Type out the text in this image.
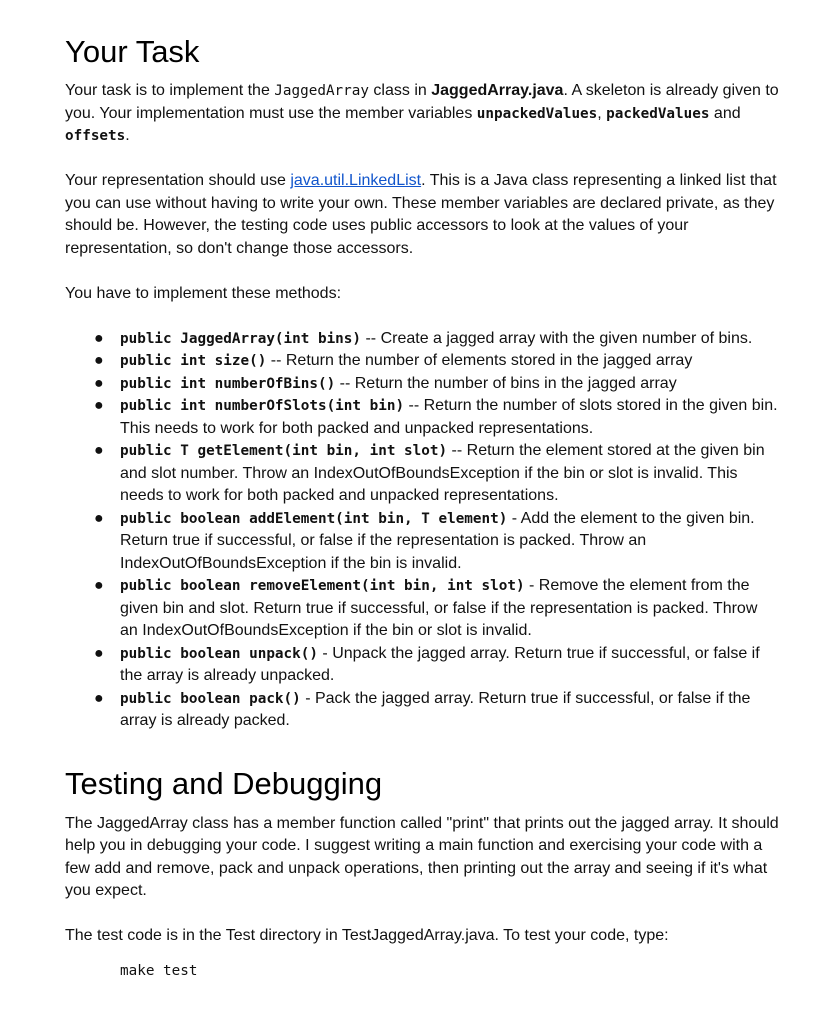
Your Task

Your task is to implement the JaggedArray class in JaggedArray.java. A skeleton is already given to you. Your implementation must use the member variables unpackedValues, packedValues and offsets.

Your representation should use java.util.LinkedList. This is a Java class representing a linked list that you can use without having to write your own. These member variables are declared private, as they should be. However, the testing code uses public accessors to look at the values of your representation, so don't change those accessors.

You have to implement these methods:

● public JaggedArray(int bins) -- Create a jagged array with the given number of bins.
● public int size() -- Return the number of elements stored in the jagged array
● public int numberOfBins() -- Return the number of bins in the jagged array
● public int numberOfSlots(int bin) -- Return the number of slots stored in the given bin. This needs to work for both packed and unpacked representations.
● public T getElement(int bin, int slot) -- Return the element stored at the given bin and slot number. Throw an IndexOutOfBoundsException if the bin or slot is invalid. This needs to work for both packed and unpacked representations.
● public boolean addElement(int bin, T element) - Add the element to the given bin. Return true if successful, or false if the representation is packed. Throw an IndexOutOfBoundsException if the bin is invalid.
● public boolean removeElement(int bin, int slot) - Remove the element from the given bin and slot. Return true if successful, or false if the representation is packed. Throw an IndexOutOfBoundsException if the bin or slot is invalid.
● public boolean unpack() - Unpack the jagged array. Return true if successful, or false if the array is already unpacked.
● public boolean pack() - Pack the jagged array. Return true if successful, or false if the array is already packed.
Testing and Debugging

The JaggedArray class has a member function called "print" that prints out the jagged array. It should help you in debugging your code. I suggest writing a main function and exercising your code with a few add and remove, pack and unpack operations, then printing out the array and seeing if it's what you expect.

The test code is in the Test directory in TestJaggedArray.java. To test your code, type:

make test
